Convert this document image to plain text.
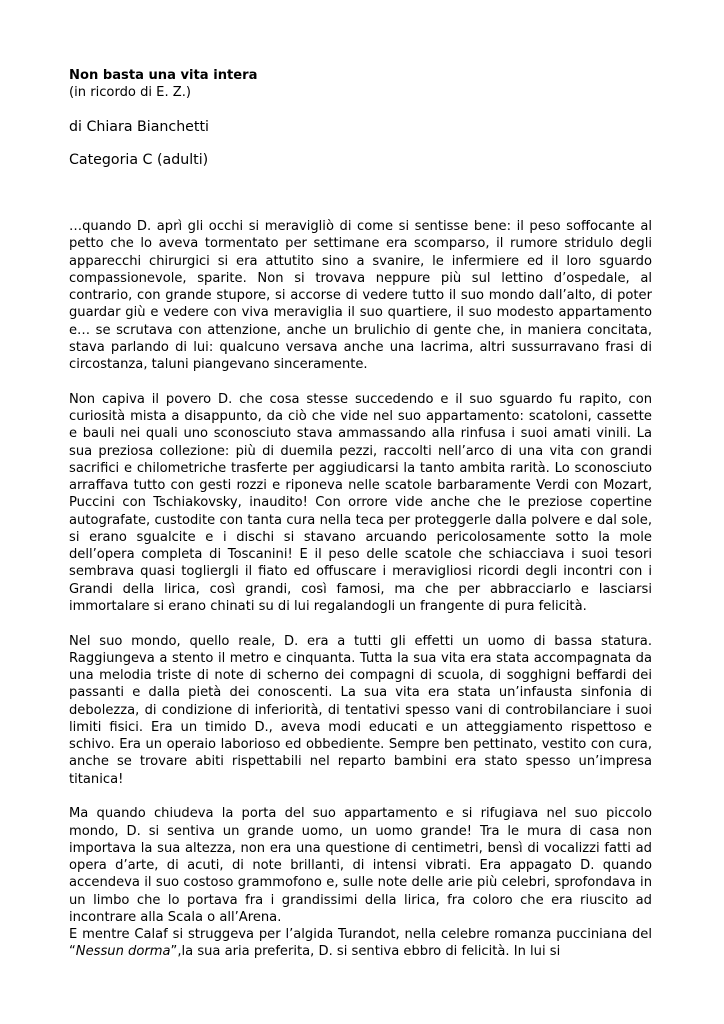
Non basta una vita intera

(in ricordo di E. Z.)

di Chiara Bianchetti

Categoria C (adulti)

…quando D. aprì gli occhi si meravigliò di come si sentisse bene: il peso soffocante al petto che lo aveva tormentato per settimane era scomparso, il rumore stridulo degli apparecchi chirurgici si era attutito sino a svanire, le infermiere ed il loro sguardo compassionevole, sparite. Non si trovava neppure più sul lettino d’ospedale, al contrario, con grande stupore, si accorse di vedere tutto il suo mondo dall’alto, di poter guardar giù e vedere con viva meraviglia il suo quartiere, il suo modesto appartamento e… se scrutava con attenzione, anche un brulichio di gente che, in maniera concitata, stava parlando di lui: qualcuno versava anche una lacrima, altri sussurravano frasi di circostanza, taluni piangevano sinceramente.

Non capiva il povero D. che cosa stesse succedendo e il suo sguardo fu rapito, con curiosità mista a disappunto, da ciò che vide nel suo appartamento: scatoloni, cassette e bauli nei quali uno sconosciuto stava ammassando alla rinfusa i suoi amati vinili. La sua preziosa collezione: più di duemila pezzi, raccolti nell’arco di una vita con grandi sacrifici e chilometriche trasferte per aggiudicarsi la tanto ambita rarità. Lo sconosciuto arraffava tutto con gesti rozzi e riponeva nelle scatole barbaramente Verdi con Mozart, Puccini con Tschiakovsky, inaudito! Con orrore vide anche che le preziose copertine autografate, custodite con tanta cura nella teca per proteggerle dalla polvere e dal sole, si erano sgualcite e i dischi si stavano arcuando pericolosamente sotto la mole dell’opera completa di Toscanini! E il peso delle scatole che schiacciava i suoi tesori sembrava quasi togliergli il fiato ed offuscare i meravigliosi ricordi degli incontri con i Grandi della lirica, così grandi, così famosi, ma che per abbracciarlo e lasciarsi immortalare si erano chinati su di lui regalandogli un frangente di pura felicità.

Nel suo mondo, quello reale, D. era a tutti gli effetti un uomo di bassa statura. Raggiungeva a stento il metro e cinquanta. Tutta la sua vita era stata accompagnata da una melodia triste di note di scherno dei compagni di scuola, di sogghigni beffardi dei passanti e dalla pietà dei conoscenti. La sua vita era stata un’infausta sinfonia di debolezza, di condizione di inferiorità, di tentativi spesso vani di controbilanciare i suoi limiti fisici. Era un timido D., aveva modi educati e un atteggiamento rispettoso e schivo. Era un operaio laborioso ed obbediente. Sempre ben pettinato, vestito con cura, anche se trovare abiti rispettabili nel reparto bambini era stato spesso un’impresa titanica!

Ma quando chiudeva la porta del suo appartamento e si rifugiava nel suo piccolo mondo, D. si sentiva un grande uomo, un uomo grande! Tra le mura di casa non importava la sua altezza, non era una questione di centimetri, bensì di vocalizzi fatti ad opera d’arte, di acuti, di note brillanti, di intensi vibrati. Era appagato D. quando accendeva il suo costoso grammofono e, sulle note delle arie più celebri, sprofondava in un limbo che lo portava fra i grandissimi della lirica, fra coloro che era riuscito ad incontrare alla Scala o all’Arena.

E mentre Calaf si struggeva per l’algida Turandot, nella celebre romanza pucciniana del “Nessun dorma”,la sua aria preferita, D. si sentiva ebbro di felicità. In lui si
